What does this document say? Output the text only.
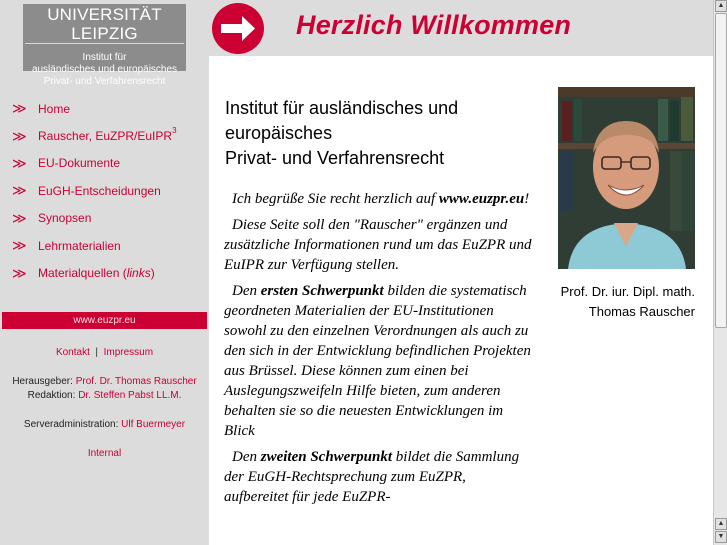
UNIVERSITÄT LEIPZIG
Institut für
ausländisches und europäisches
Privat- und Verfahrensrecht
≫	Home
≫	Rauscher, EuZPR/EuIPR$^3$
≫	EU-Dokumente
≫	EuGH-Entscheidungen
≫	Synopsen
≫	Lehrmaterialien
≫	Materialquellen (links)
www.euzpr.eu
Kontakt | Impressum
Herausgeber: Prof. Dr. Thomas Rauscher
Redaktion: Dr. Steffen Pabst LL.M.
Serveradministration: Ulf Buermeyer
Internal
Herzlich Willkommen
Institut für ausländisches und
europäisches
Privat- und Verfahrensrecht

Ich begrüße Sie recht herzlich auf www.euzpr.eu!

Diese Seite soll den "Rauscher" ergänzen und zusätzliche Informationen rund um das EuZPR und EuIPR zur Verfügung stellen.

Den ersten Schwerpunkt bilden die systematisch geordneten Materialien der EU-Institutionen sowohl zu den einzelnen Verordnungen als auch zu den sich in der Entwicklung befindlichen Projekten aus Brüssel. Diese können zum einen bei Auslegungszweifeln Hilfe bieten, zum anderen behalten sie so die neuesten Entwicklungen im Blick

Den zweiten Schwerpunkt bildet die Sammlung der EuGH-Rechtsprechung zum EuZPR, aufbereitet für jede EuZPR-

Prof. Dr. iur. Dipl. math.
Thomas Rauscher
▲
▲
▼
